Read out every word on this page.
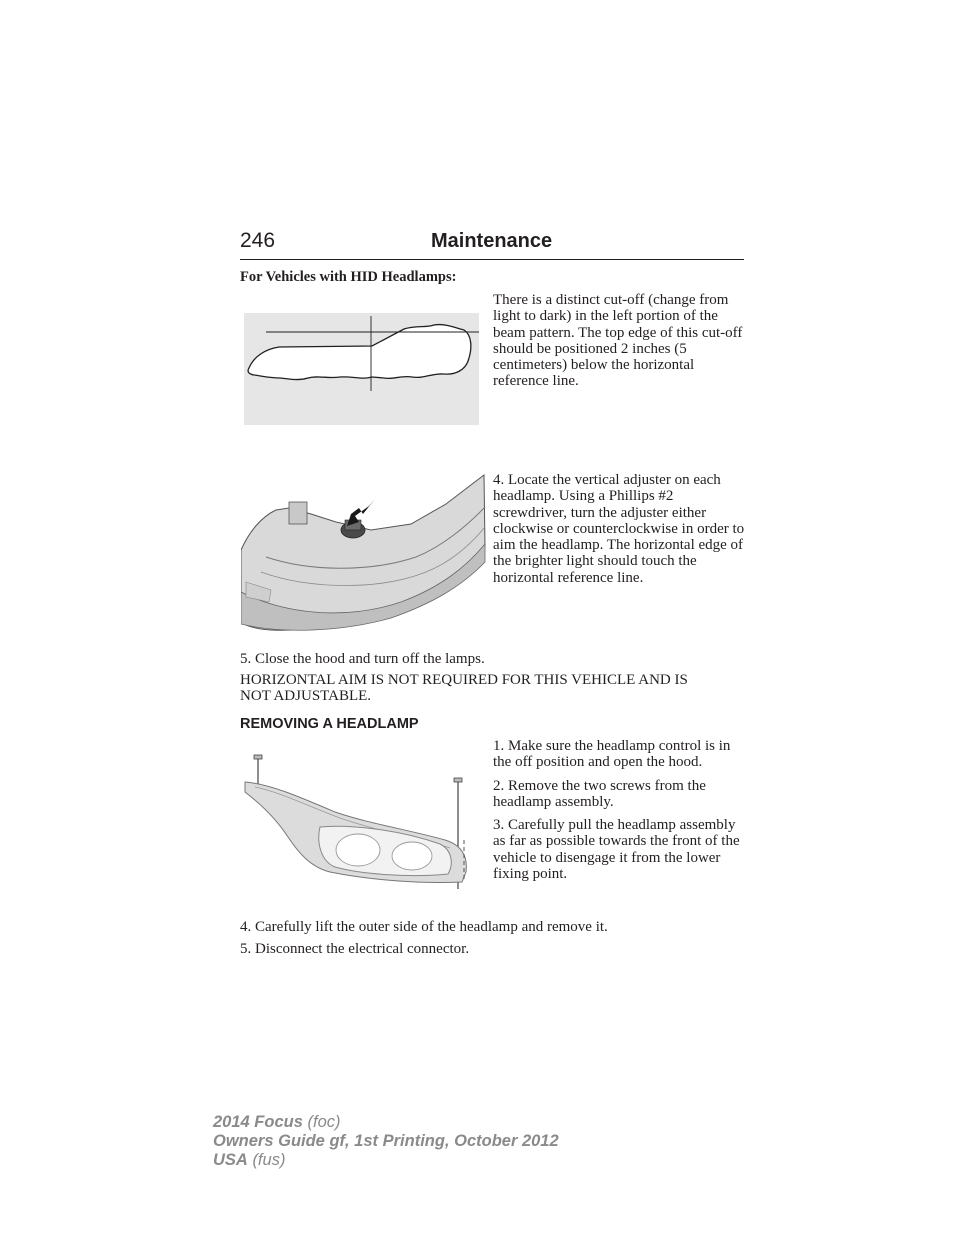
246	Maintenance
For Vehicles with HID Headlamps:
There is a distinct cut-off (change from light to dark) in the left portion of the beam pattern. The top edge of this cut-off should be positioned 2 inches (5 centimeters) below the horizontal reference line.
4. Locate the vertical adjuster on each headlamp. Using a Phillips #2 screwdriver, turn the adjuster either clockwise or counterclockwise in order to aim the headlamp. The horizontal edge of the brighter light should touch the horizontal reference line.
5. Close the hood and turn off the lamps.
HORIZONTAL AIM IS NOT REQUIRED FOR THIS VEHICLE AND IS NOT ADJUSTABLE.
REMOVING A HEADLAMP

1. Make sure the headlamp control is in the off position and open the hood.

2. Remove the two screws from the headlamp assembly.

3. Carefully pull the headlamp assembly as far as possible towards the front of the vehicle to disengage it from the lower fixing point.

4. Carefully lift the outer side of the headlamp and remove it.
5. Disconnect the electrical connector.
2014 Focus (foc)
Owners Guide gf, 1st Printing, October 2012
USA (fus)
